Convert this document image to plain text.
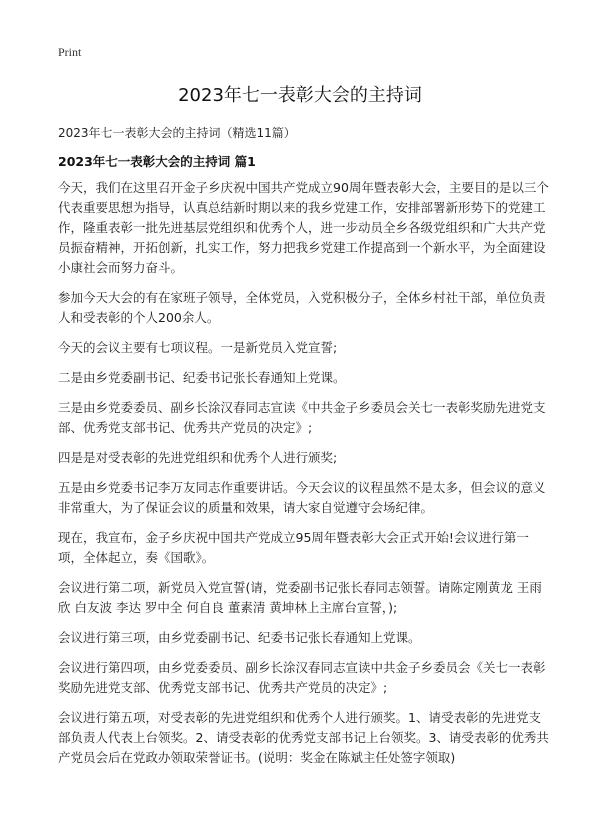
Print
2023年七一表彰大会的主持词
2023年七一表彰大会的主持词（精选11篇）
2023年七一表彰大会的主持词 篇1

今天，我们在这里召开金子乡庆祝中国共产党成立90周年暨表彰大会，主要目的是以三个代表重要思想为指导，认真总结新时期以来的我乡党建工作，安排部署新形势下的党建工作，隆重表彰一批先进基层党组织和优秀个人，进一步动员全乡各级党组织和广大共产党员振奋精神，开拓创新，扎实工作，努力把我乡党建工作提高到一个新水平，为全面建设小康社会而努力奋斗。

参加今天大会的有在家班子领导，全体党员，入党积极分子，全体乡村社干部，单位负责人和受表彰的个人200余人。

今天的会议主要有七项议程。一是新党员入党宣誓;

二是由乡党委副书记、纪委书记张长春通知上党课。

三是由乡党委委员、副乡长涂汉春同志宣读《中共金子乡委员会关七一表彰奖励先进党支部、优秀党支部书记、优秀共产党员的决定》;

四是是对受表彰的先进党组织和优秀个人进行颁奖;

五是由乡党委书记李万友同志作重要讲话。今天会议的议程虽然不是太多，但会议的意义非常重大，为了保证会议的质量和效果，请大家自觉遵守会场纪律。

现在，我宣布，金子乡庆祝中国共产党成立95周年暨表彰大会正式开始!会议进行第一项，全体起立，奏《国歌》。

会议进行第二项，新党员入党宣誓(请，党委副书记张长春同志领誓。请陈定刚黄龙 王雨欣 白友波 李达 罗中全 何自良 董素清 黄坤林上主席台宣誓，);

会议进行第三项，由乡党委副书记、纪委书记张长春通知上党课。

会议进行第四项，由乡党委委员、副乡长涂汉春同志宣读中共金子乡委员会《关七一表彰奖励先进党支部、优秀党支部书记、优秀共产党员的决定》;

会议进行第五项，对受表彰的先进党组织和优秀个人进行颁奖。1、请受表彰的先进党支部负责人代表上台领奖。2、请受表彰的优秀党支部书记上台领奖。3、请受表彰的优秀共产党员会后在党政办领取荣誉证书。(说明：奖金在陈斌主任处签字领取)
